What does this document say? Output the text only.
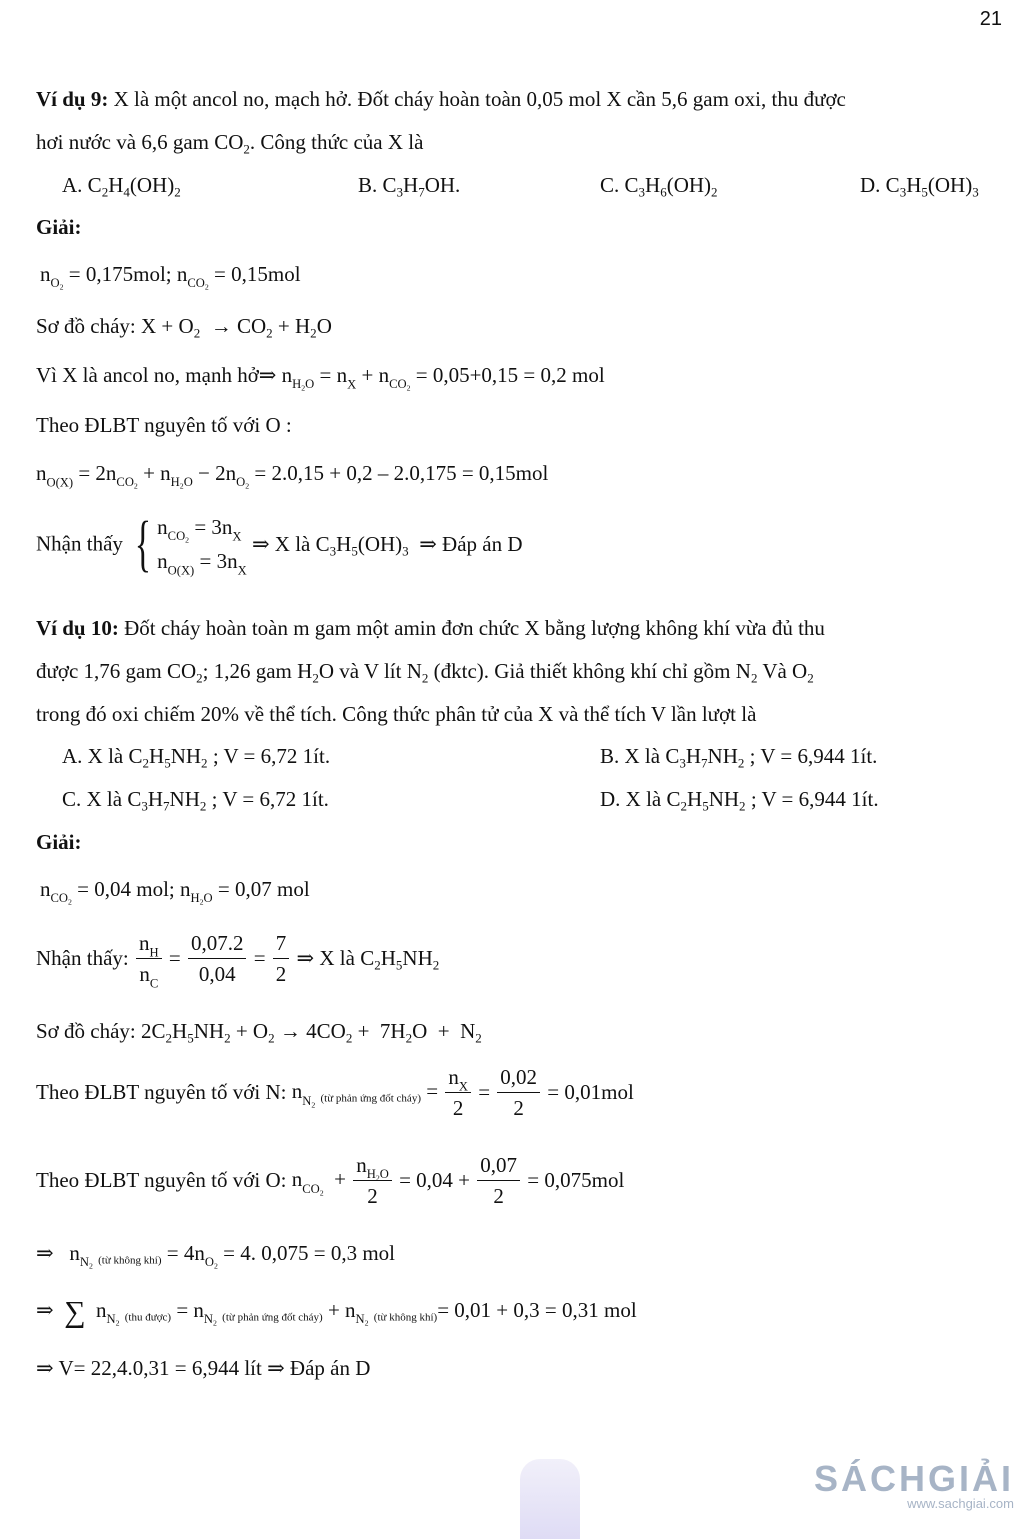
21
Ví dụ 9: X là một ancol no, mạch hở. Đốt cháy hoàn toàn 0,05 mol X cần 5,6 gam oxi, thu được
hơi nước và 6,6 gam $CO_2$. Công thức của X là
A. $C_2H_4(OH)_2$	B. $C_3H_7OH$.	C. $C_3H_6(OH)_2$	D. $C_3H_5(OH)_3$
Giải:
$n_{O_2} = 0,175mol$; $n_{CO_2} = 0,15mol$
Sơ đồ cháy: $X + O_2 \to CO_2 + H_2O$
Vì X là ancol no, mạnh hở⇒ $n_{H_2O} = n_X + n_{CO_2} = 0,05+0,15 = 0,2$ mol
Theo ĐLBT nguyên tố với O :
$n_{O(X)} = 2n_{CO_2} + n_{H_2O} - 2n_{O_2} = 2.0,15 + 0,2 - 2.0,175 = 0,15mol$
Nhận thấy { $n_{CO_2} = 3n_X$
$n_{O(X)} = 3n_X$ ⇒ X là $C_3H_5(OH)_3$ ⇒ Đáp án D
Ví dụ 10: Đốt cháy hoàn toàn m gam một amin đơn chức X bằng lượng không khí vừa đủ thu
được 1,76 gam $CO_2$; 1,26 gam $H_2O$ và V lít $N_2$ (đktc). Giả thiết không khí chỉ gồm $N_2$ Và $O_2$
trong đó oxi chiếm 20% về thể tích. Công thức phân tử của X và thể tích V lần lượt là
A. X là $C_2H_5NH_2$ ; V = 6,72 1ít.	B. X là $C_3H_7NH_2$ ; V = 6,944 1ít.
C. X là $C_3H_7NH_2$ ; V = 6,72 1ít.	D. X là $C_2H_5NH_2$ ; V = 6,944 1ít.
Giải:
$n_{CO_2} = 0,04$ mol; $n_{H_2O} = 0,07$ mol
Nhận thấy: $\frac{n_H}{n_C} = \frac{0,07.2}{0,04} = \frac{7}{2}$ ⇒ X là $C_2H_5NH_2$
Sơ đồ cháy: $2C_2H_5NH_2 + O_2 \to 4CO_2 + 7H_2O + N_2$
Theo ĐLBT nguyên tố với N: $n_{N_2}$ (từ phản ứng đốt cháy) = $\frac{n_X}{2} = \frac{0,02}{2} = 0,01mol$
Theo ĐLBT nguyên tố với O: $n_{CO_2} + \frac{n_{H_2O}}{2} = 0,04 + \frac{0,07}{2} = 0,075mol$
⇒   $n_{N_2}$ (từ không khí) = $4n_{O_2} = 4$. 0,075 = 0,3 mol
⇒  ∑  $n_{N_2}$ (thu được) = $n_{N_2}$ (từ phản ứng đốt cháy) + $n_{N_2}$ (từ không khí)= 0,01 + 0,3 = 0,31 mol
⇒ V= 22,4.0,31 = 6,944 lít ⇒ Đáp án D
SÁCHGIẢI
www.sachgiai.com
